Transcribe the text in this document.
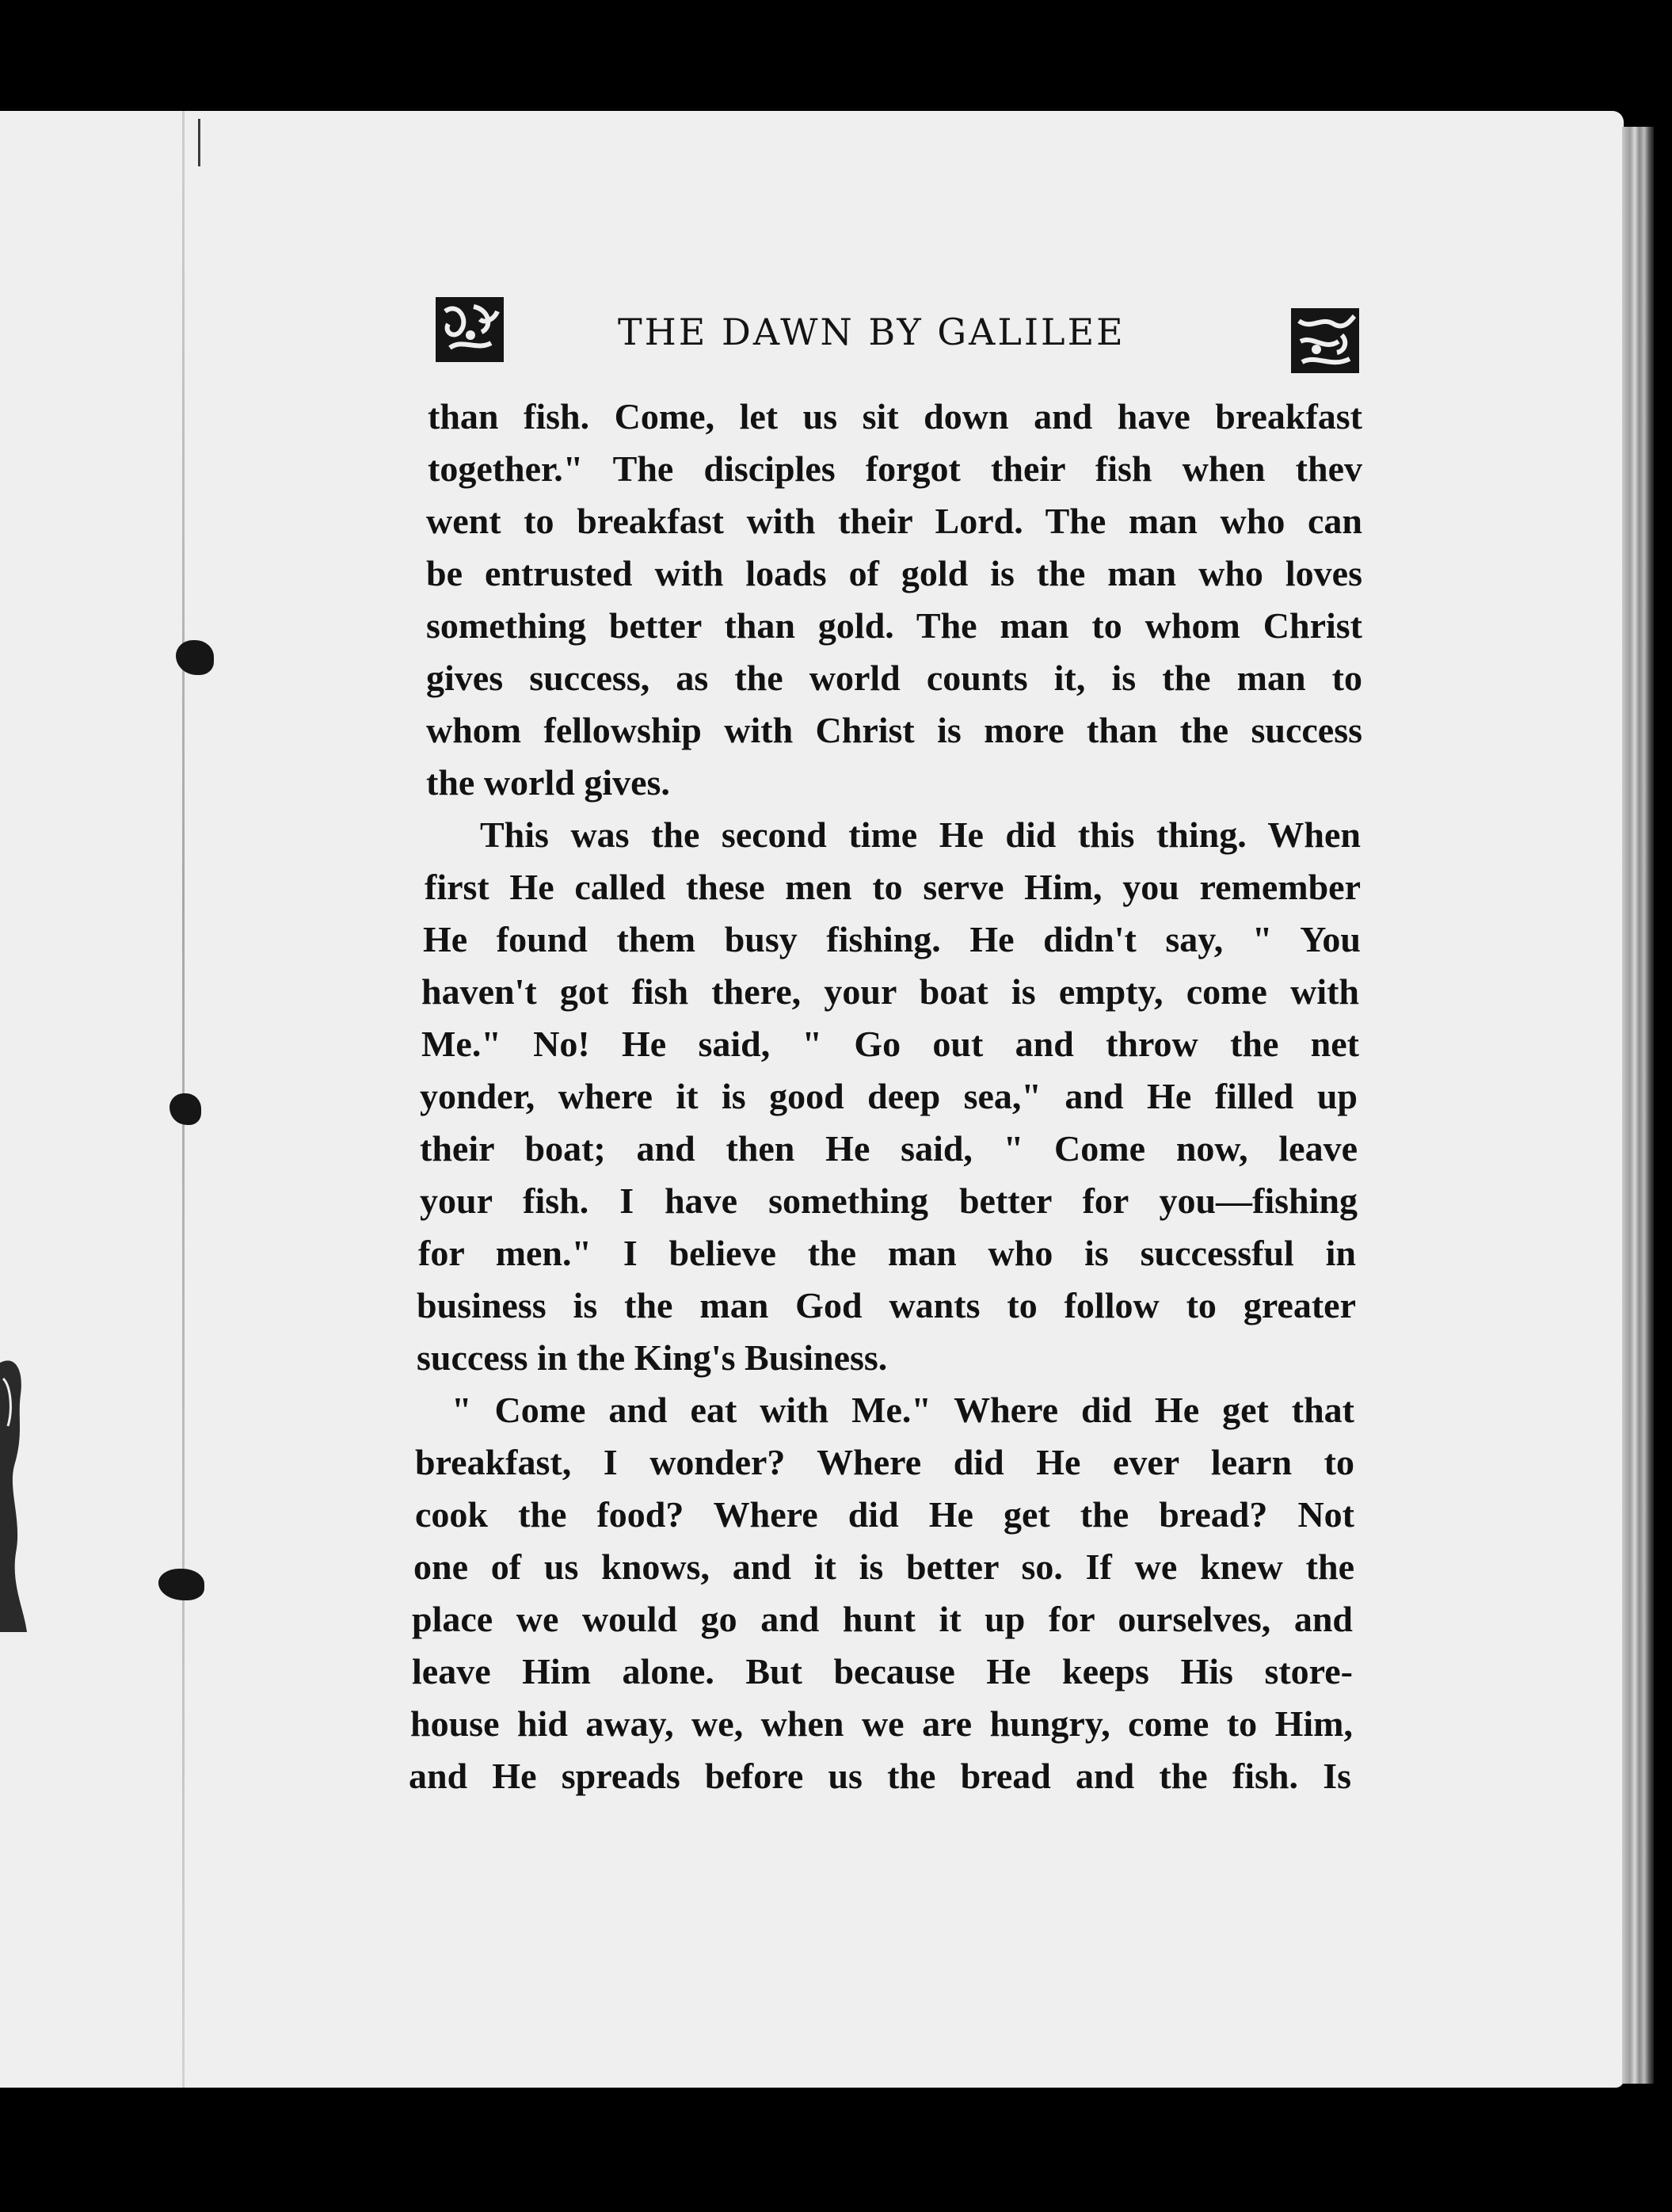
THE DAWN BY GALILEE
than fish. Come, let us sit down and have breakfast
together." The disciples forgot their fish when thev
went to breakfast with their Lord. The man who can
be entrusted with loads of gold is the man who loves
something better than gold. The man to whom Christ
gives success, as the world counts it, is the man to
whom fellowship with Christ is more than the success
the world gives.
This was the second time He did this thing. When
first He called these men to serve Him, you remember
He found them busy fishing. He didn't say, " You
haven't got fish there, your boat is empty, come with
Me." No! He said, " Go out and throw the net
yonder, where it is good deep sea," and He filled up
their boat; and then He said, " Come now, leave
your fish. I have something better for you—fishing
for men." I believe the man who is successful in
business is the man God wants to follow to greater
success in the King's Business.
" Come and eat with Me." Where did He get that
breakfast, I wonder? Where did He ever learn to
cook the food? Where did He get the bread? Not
one of us knows, and it is better so. If we knew the
place we would go and hunt it up for ourselves, and
leave Him alone. But because He keeps His store-
house hid away, we, when we are hungry, come to Him,
and He spreads before us the bread and the fish. Is
